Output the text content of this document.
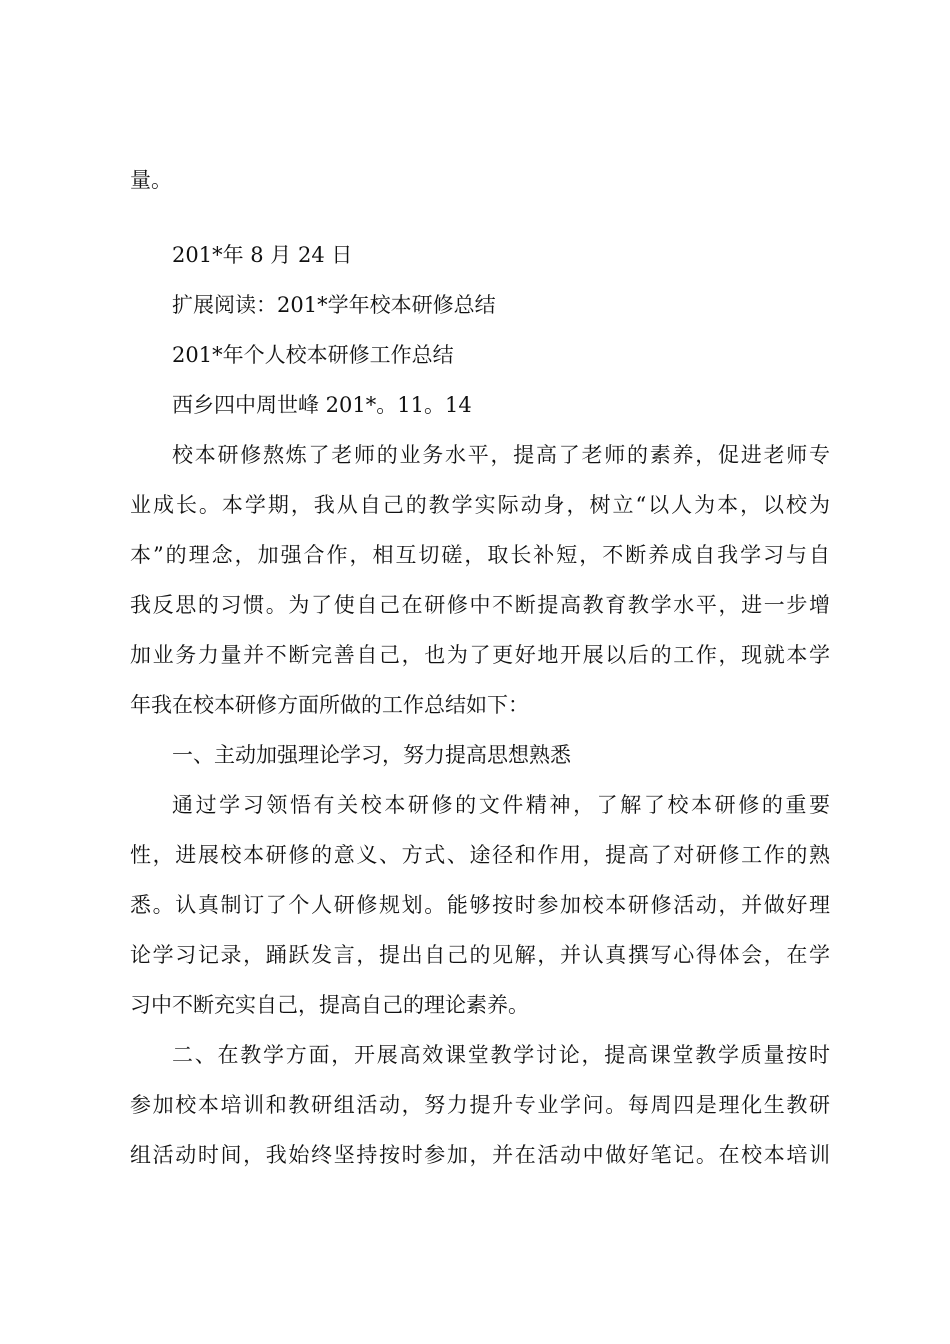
量。
201*年 8 月 24 日
扩展阅读：201*学年校本研修总结
201*年个人校本研修工作总结
西乡四中周世峰 201*。11。14
校本研修熬炼了老师的业务水平，提高了老师的素养，促进老师专
业成长。本学期，我从自己的教学实际动身，树立“以人为本，以校为
本”的理念，加强合作，相互切磋，取长补短，不断养成自我学习与自
我反思的习惯。为了使自己在研修中不断提高教育教学水平，进一步增
加业务力量并不断完善自己，也为了更好地开展以后的工作，现就本学
年我在校本研修方面所做的工作总结如下：
一、主动加强理论学习，努力提高思想熟悉
通过学习领悟有关校本研修的文件精神，了解了校本研修的重要
性，进展校本研修的意义、方式、途径和作用，提高了对研修工作的熟
悉。认真制订了个人研修规划。能够按时参加校本研修活动，并做好理
论学习记录，踊跃发言，提出自己的见解，并认真撰写心得体会，在学
习中不断充实自己，提高自己的理论素养。
二、在教学方面，开展高效课堂教学讨论，提高课堂教学质量按时
参加校本培训和教研组活动，努力提升专业学问。每周四是理化生教研
组活动时间，我始终坚持按时参加，并在活动中做好笔记。在校本培训
